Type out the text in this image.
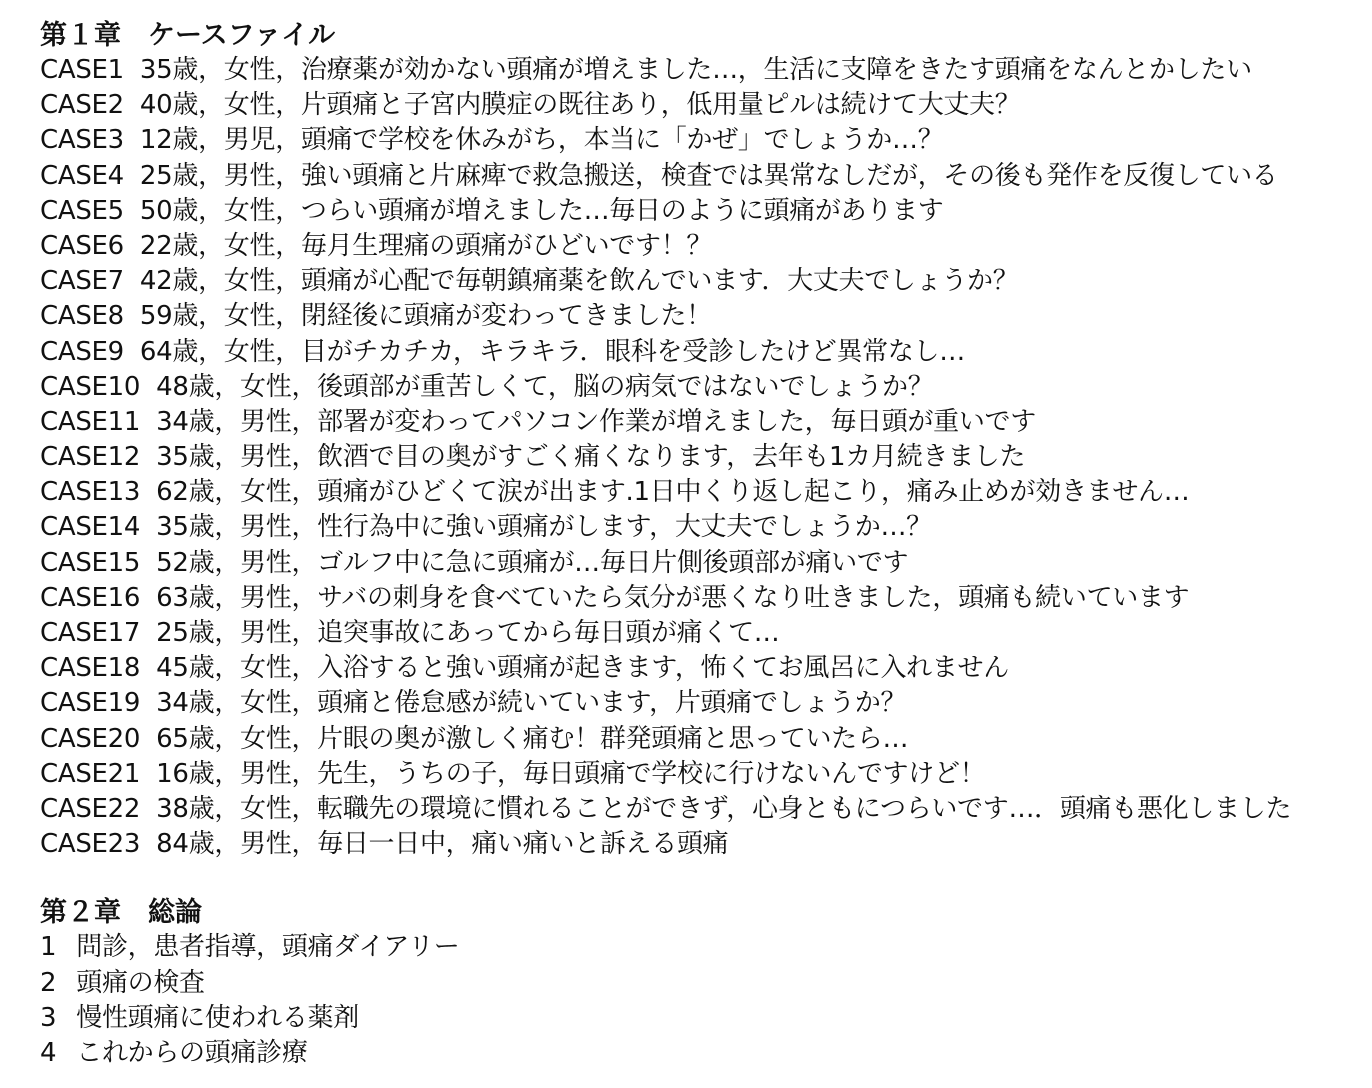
第１章　ケースファイル
CASE1 35歳，女性，治療薬が効かない頭痛が増えました…，生活に支障をきたす頭痛をなんとかしたい
CASE2 40歳，女性，片頭痛と子宮内膜症の既往あり，低用量ピルは続けて大丈夫？
CASE3 12歳，男児，頭痛で学校を休みがち，本当に「かぜ」でしょうか…？
CASE4 25歳，男性，強い頭痛と片麻痺で救急搬送，検査では異常なしだが，その後も発作を反復している
CASE5 50歳，女性，つらい頭痛が増えました…毎日のように頭痛があります
CASE6 22歳，女性，毎月生理痛の頭痛がひどいです！？
CASE7 42歳，女性，頭痛が心配で毎朝鎮痛薬を飲んでいます．大丈夫でしょうか？
CASE8 59歳，女性，閉経後に頭痛が変わってきました！
CASE9 64歳，女性，目がチカチカ，キラキラ．眼科を受診したけど異常なし…
CASE10 48歳，女性，後頭部が重苦しくて，脳の病気ではないでしょうか？
CASE11 34歳，男性，部署が変わってパソコン作業が増えました，毎日頭が重いです
CASE12 35歳，男性，飲酒で目の奥がすごく痛くなります，去年も1カ月続きました
CASE13 62歳，女性，頭痛がひどくて涙が出ます.1日中くり返し起こり，痛み止めが効きません…
CASE14 35歳，男性，性行為中に強い頭痛がします，大丈夫でしょうか…？
CASE15 52歳，男性，ゴルフ中に急に頭痛が…毎日片側後頭部が痛いです
CASE16 63歳，男性，サバの刺身を食べていたら気分が悪くなり吐きました，頭痛も続いています
CASE17 25歳，男性，追突事故にあってから毎日頭が痛くて…
CASE18 45歳，女性，入浴すると強い頭痛が起きます，怖くてお風呂に入れません
CASE19 34歳，女性，頭痛と倦怠感が続いています，片頭痛でしょうか？
CASE20 65歳，女性，片眼の奥が激しく痛む！群発頭痛と思っていたら…
CASE21 16歳，男性，先生，うちの子，毎日頭痛で学校に行けないんですけど！
CASE22 38歳，女性，転職先の環境に慣れることができず，心身ともにつらいです…．頭痛も悪化しました
CASE23 84歳，男性，毎日一日中，痛い痛いと訴える頭痛
第２章　総論
1 問診，患者指導，頭痛ダイアリー
2 頭痛の検査
3 慢性頭痛に使われる薬剤
4 これからの頭痛診療
